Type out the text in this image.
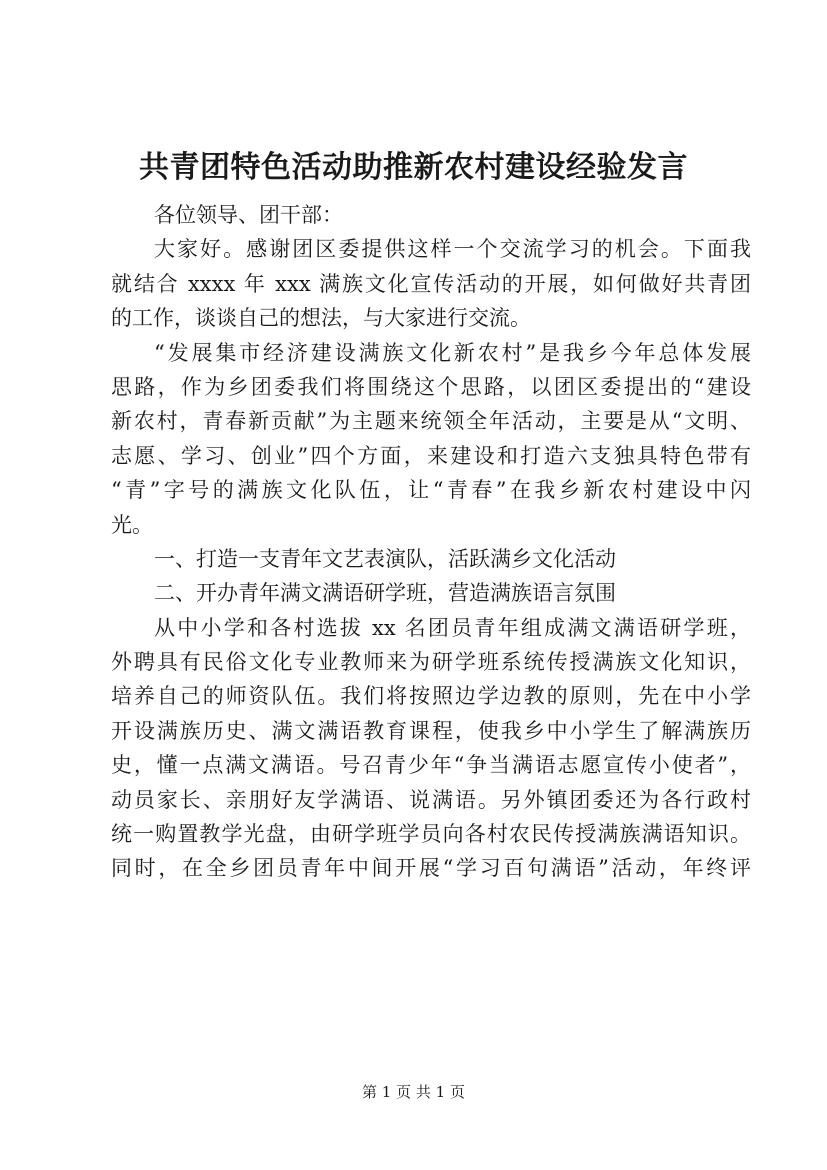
共青团特色活动助推新农村建设经验发言
各位领导、团干部：
大家好。感谢团区委提供这样一个交流学习的机会。下面我
就结合 xxxx 年 xxx 满族文化宣传活动的开展，如何做好共青团
的工作，谈谈自己的想法，与大家进行交流。
“发展集市经济建设满族文化新农村”是我乡今年总体发展
思路，作为乡团委我们将围绕这个思路，以团区委提出的“建设
新农村，青春新贡献”为主题来统领全年活动，主要是从“文明、
志愿、学习、创业”四个方面，来建设和打造六支独具特色带有
“青”字号的满族文化队伍，让“青春”在我乡新农村建设中闪
光。
一、打造一支青年文艺表演队，活跃满乡文化活动
二、开办青年满文满语研学班，营造满族语言氛围
从中小学和各村选拔 xx 名团员青年组成满文满语研学班，
外聘具有民俗文化专业教师来为研学班系统传授满族文化知识，
培养自己的师资队伍。我们将按照边学边教的原则，先在中小学
开设满族历史、满文满语教育课程，使我乡中小学生了解满族历
史，懂一点满文满语。号召青少年“争当满语志愿宣传小使者”，
动员家长、亲朋好友学满语、说满语。另外镇团委还为各行政村
统一购置教学光盘，由研学班学员向各村农民传授满族满语知识。
同时，在全乡团员青年中间开展“学习百句满语”活动，年终评
第 1 页 共 1 页
